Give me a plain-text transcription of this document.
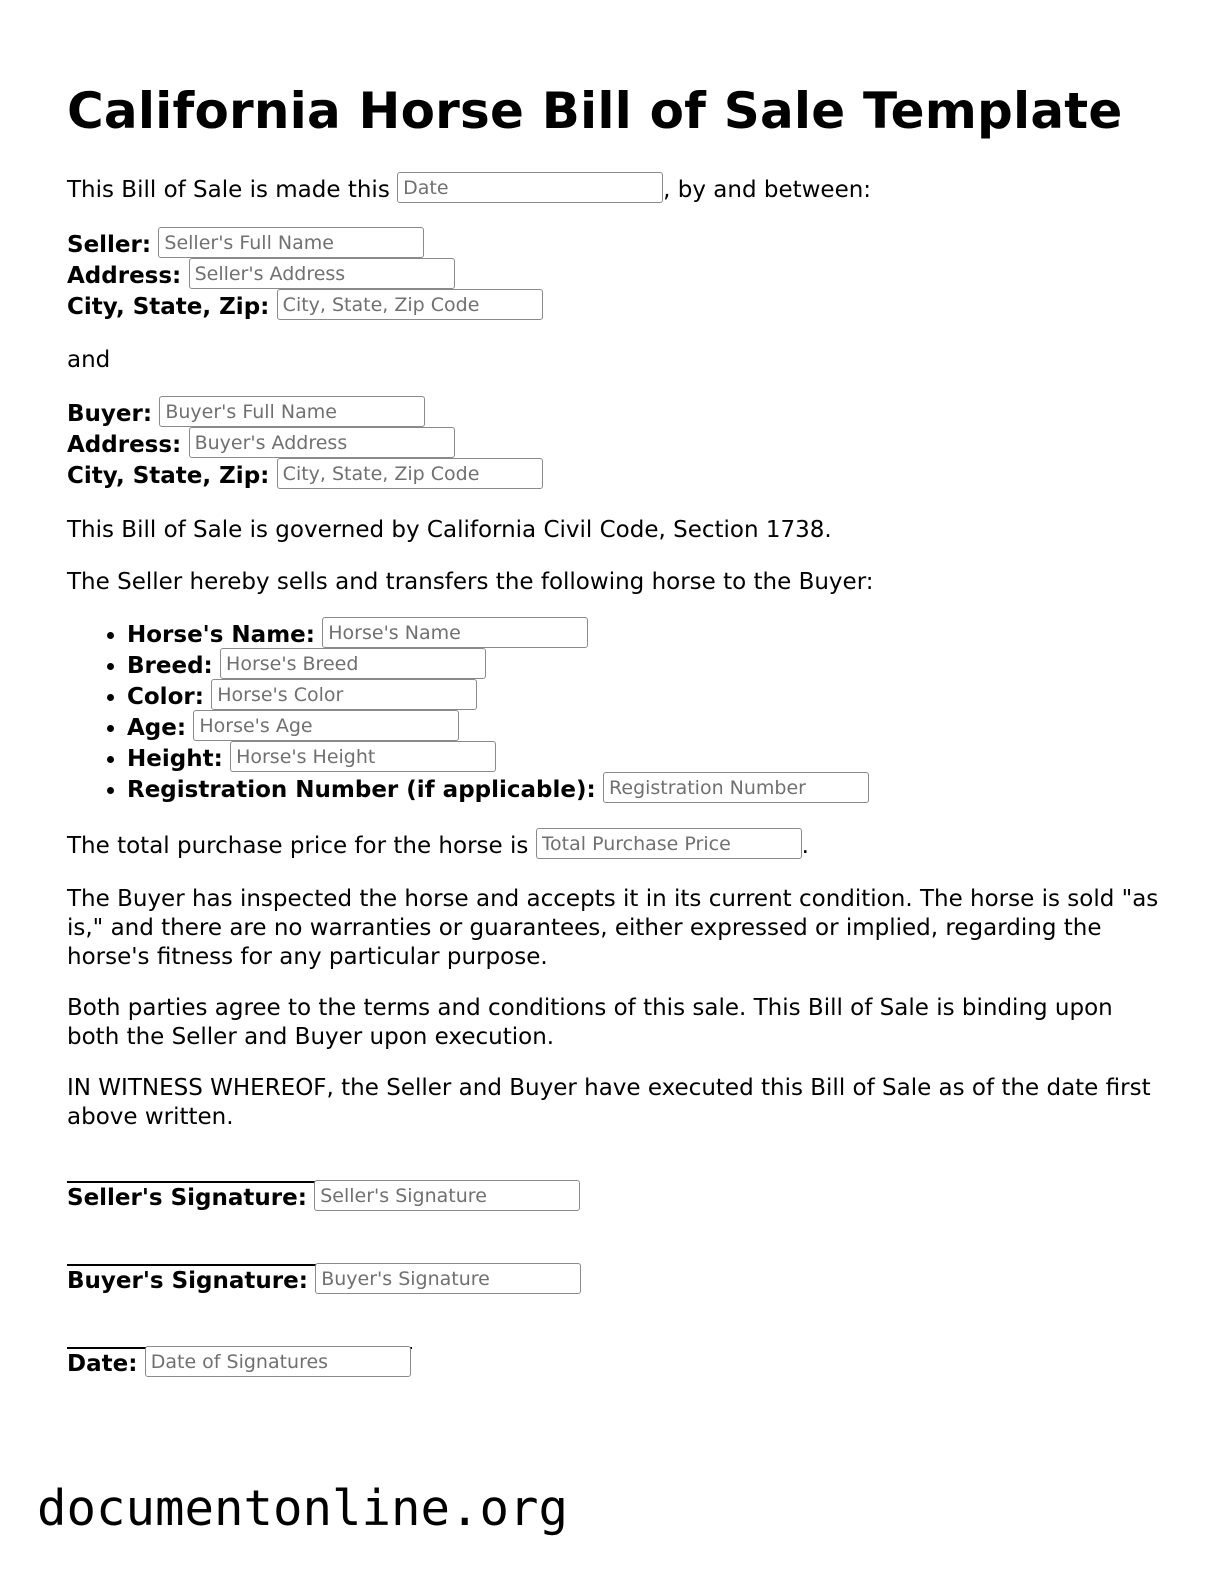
California Horse Bill of Sale Template
This Bill of Sale is made this Date	, by and between:
Seller: Seller's Full Name
Address: Seller's Address
City, State, Zip: City, State, Zip Code
and
Buyer: Buyer's Full Name
Address: Buyer's Address
City, State, Zip: City, State, Zip Code
This Bill of Sale is governed by California Civil Code, Section 1738.
The Seller hereby sells and transfers the following horse to the Buyer:
• Horse's Name: Horse's Name
• Breed: Horse's Breed
• Color: Horse's Color
• Age: Horse's Age
• Height: Horse's Height
• Registration Number (if applicable): Registration Number
The total purchase price for the horse is Total Purchase Price	.

The Buyer has inspected the horse and accepts it in its current condition. The horse is sold "as is," and there are no warranties or guarantees, either expressed or implied, regarding the horse's fitness for any particular purpose.

Both parties agree to the terms and conditions of this sale. This Bill of Sale is binding upon both the Seller and Buyer upon execution.

IN WITNESS WHEREOF, the Seller and Buyer have executed this Bill of Sale as of the date first above written.

Seller's Signature: Seller's Signature
Buyer's Signature: Buyer's Signature
Date: Date of Signatures
documentonline.org
